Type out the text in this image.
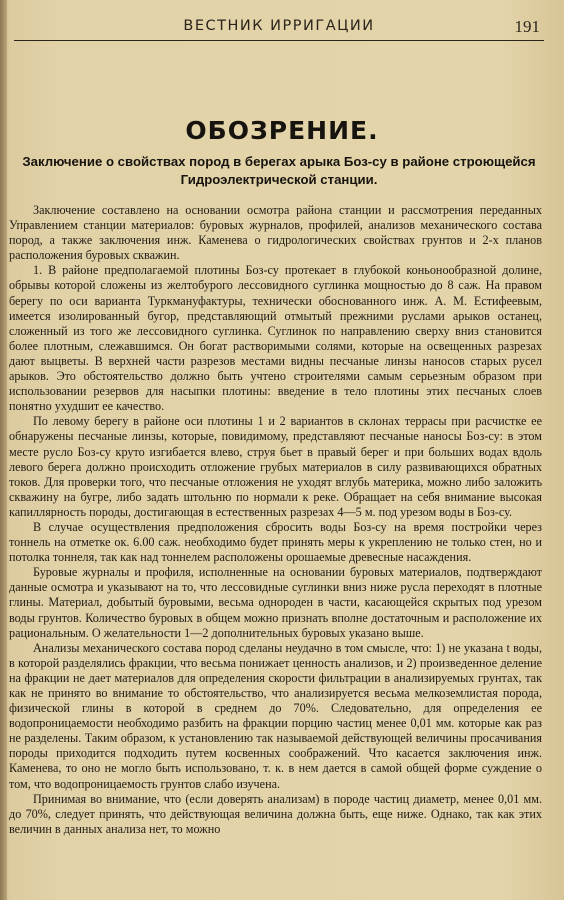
ВЕСТНИК ИРРИГАЦИИ	191
ОБОЗРЕНИЕ.
Заключение о свойствах пород в берегах арыка Боз-су в районе строющейся Гидроэлектрической станции.

Заключение составлено на основании осмотра района станции и рассмотрения переданных Управлением станции материалов: буровых журналов, профилей, анализов механического состава пород, а также заключения инж. Каменева о гидрологических свойствах грунтов и 2-х планов расположения буровых скважин.

1. В районе предполагаемой плотины Боз-су протекает в глубокой коньонообразной долине, обрывы которой сложены из желтобурого лессовидного суглинка мощностью до 8 саж. На правом берегу по оси варианта Туркмануфактуры, технически обоснованного инж. А. М. Естифеевым, имеется изолированный бугор, представляющий отмытый прежними руслами арыков останец, сложенный из того же лессовидного суглинка. Суглинок по направлению сверху вниз становится более плотным, слежавшимся. Он богат растворимыми солями, которые на освещенных разрезах дают выцветы. В верхней части разрезов местами видны песчаные линзы наносов старых русел арыков. Это обстоятельство должно быть учтено строителями самым серьезным образом при использовании резервов для насыпки плотины: введение в тело плотины этих песчаных слоев понятно ухудшит ее качество.

По левому берегу в районе оси плотины 1 и 2 вариантов в склонах террасы при расчистке ее обнаружены песчаные линзы, которые, повидимому, представляют песчаные наносы Боз-су: в этом месте русло Боз-су круто изгибается влево, струя бьет в правый берег и при больших водах вдоль левого берега должно происходить отложение грубых материалов в силу развивающихся обратных токов. Для проверки того, что песчаные отложения не уходят вглубь материка, можно либо заложить скважину на бугре, либо задать штольню по нормали к реке. Обращает на себя внимание высокая капиллярность породы, достигающая в естественных разрезах 4—5 м. под урезом воды в Боз-су.

В случае осуществления предположения сбросить воды Боз-су на время постройки через тоннель на отметке ок. 6.00 саж. необходимо будет принять меры к укреплению не только стен, но и потолка тоннеля, так как над тоннелем расположены орошаемые древесные насаждения.

Буровые журналы и профиля, исполненные на основании буровых материалов, подтверждают данные осмотра и указывают на то, что лессовидные суглинки вниз ниже русла переходят в плотные глины. Материал, добытый буровыми, весьма однороден в части, касающейся скрытых под урезом воды грунтов. Количество буровых в общем можно признать вполне достаточным и расположение их рациональным. О желательности 1—2 дополнительных буровых указано выше.

Анализы механического состава пород сделаны неудачно в том смысле, что: 1) не указана t воды, в которой разделялись фракции, что весьма понижает ценность анализов, и 2) произведенное деление на фракции не дает материалов для определения скорости фильтрации в анализируемых грунтах, так как не принято во внимание то обстоятельство, что анализируется весьма мелкоземлистая порода, физической глины в которой в среднем до 70%. Следовательно, для определения ее водопроницаемости необходимо разбить на фракции порцию частиц менее 0,01 мм. которые как раз не разделены. Таким образом, к установлению так называемой действующей величины просачивания породы приходится подходить путем косвенных соображений. Что касается заключения инж. Каменева, то оно не могло быть использовано, т. к. в нем дается в самой общей форме суждение о том, что водопроницаемость грунтов слабо изучена.

Принимая во внимание, что (если доверять анализам) в породе частиц диаметр, менее 0,01 мм. до 70%, следует принять, что действующая величина должна быть, еще ниже. Однако, так как этих величин в данных анализа нет, то можно
